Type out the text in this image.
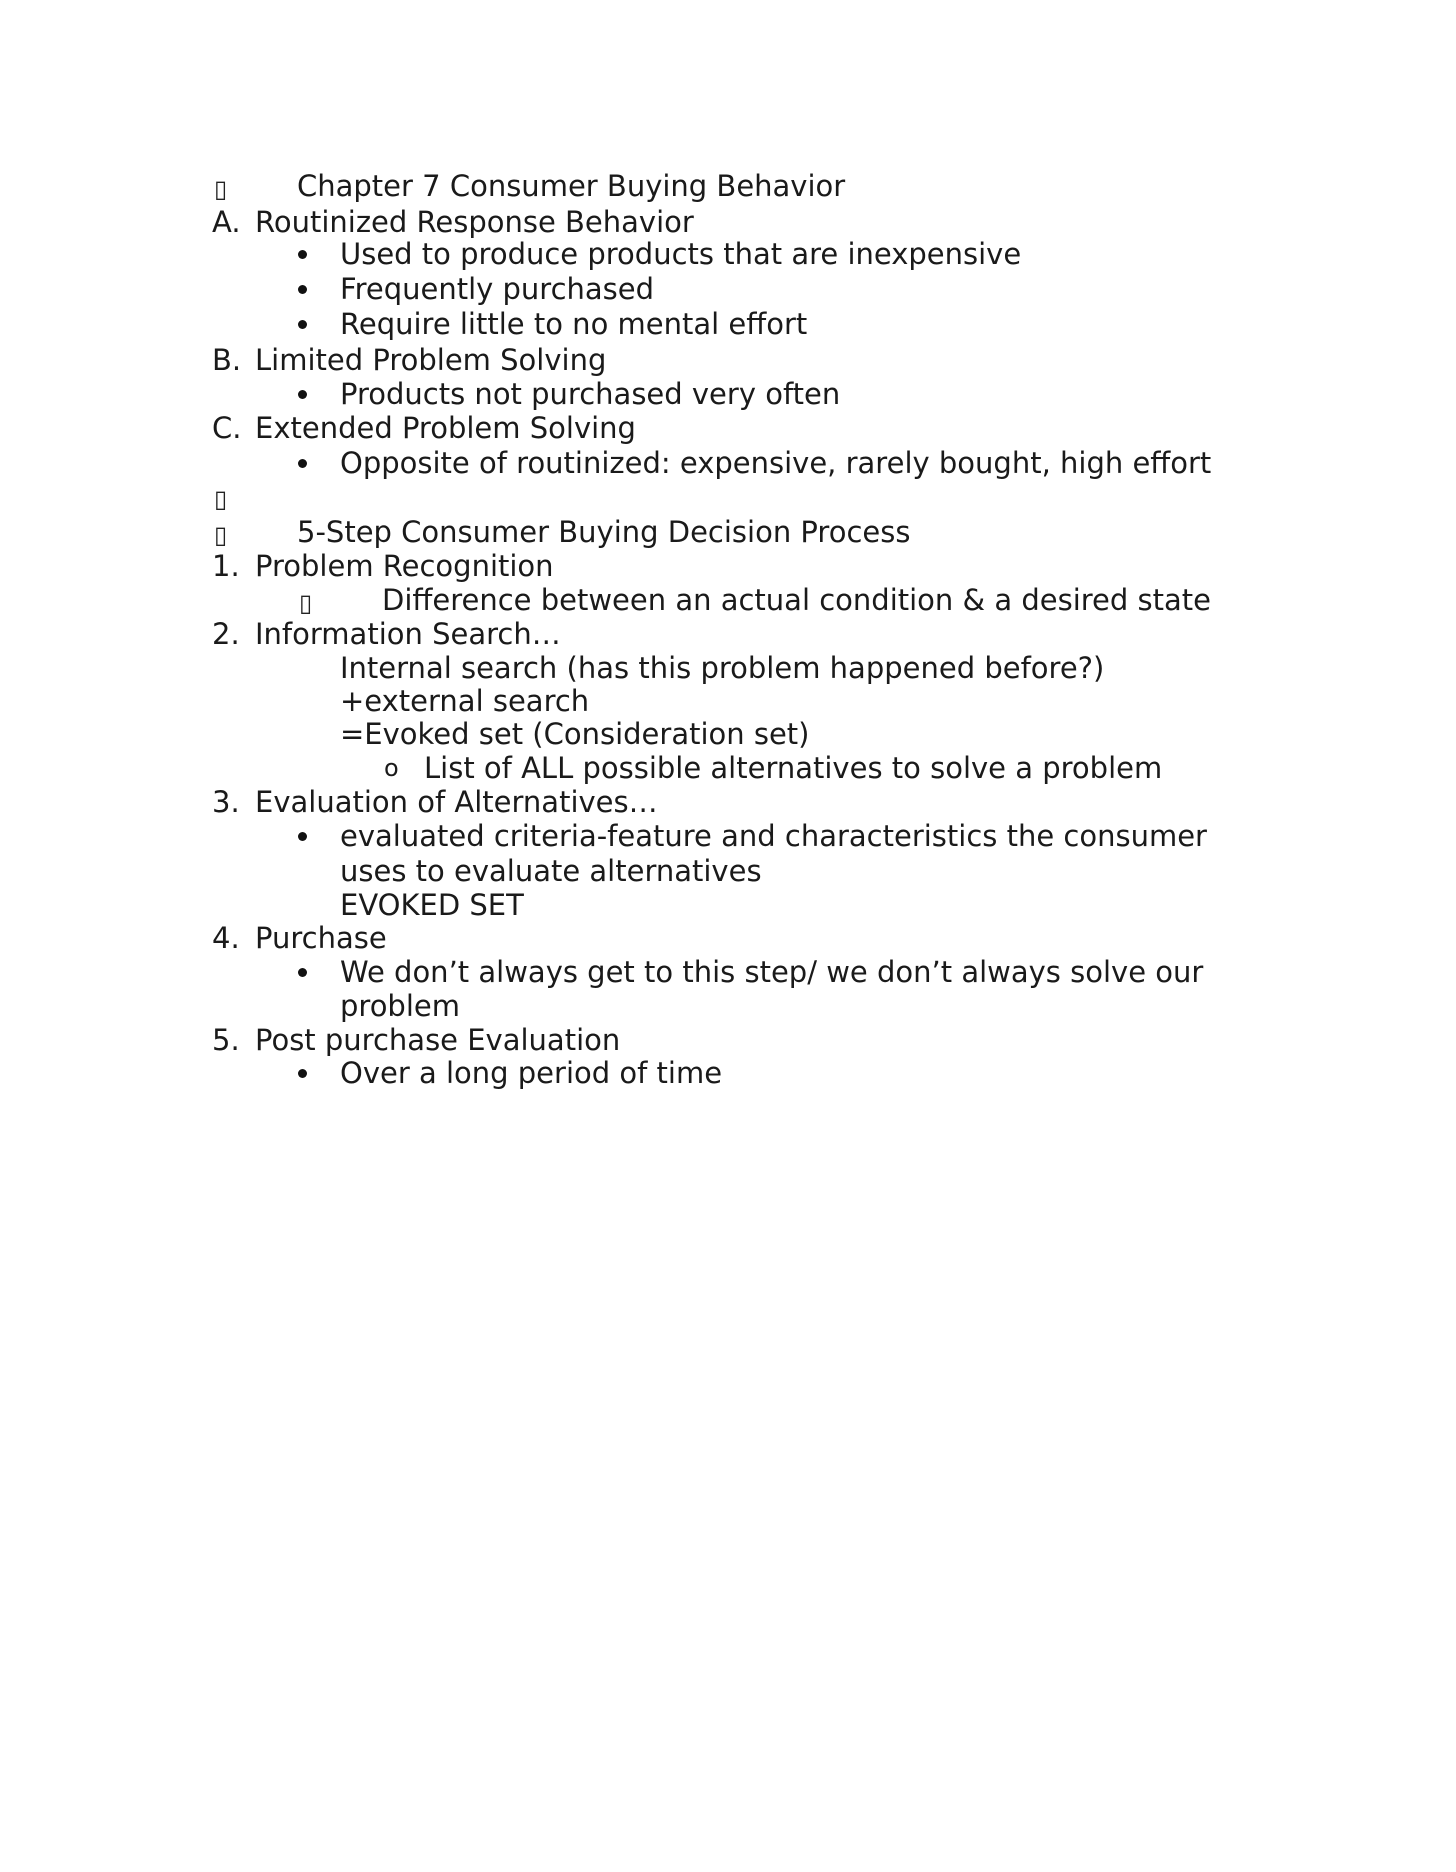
▯ Chapter 7 Consumer Buying Behavior
A. Routinized Response Behavior
Used to produce products that are inexpensive
Frequently purchased
Require little to no mental effort
B. Limited Problem Solving
Products not purchased very often
C. Extended Problem Solving
Opposite of routinized: expensive, rarely bought, high effort
▯
▯ 5-Step Consumer Buying Decision Process
1. Problem Recognition
▯ Difference between an actual condition & a desired state
2. Information Search…
Internal search (has this problem happened before?)
+external search
=Evoked set (Consideration set)
o List of ALL possible alternatives to solve a problem
3. Evaluation of Alternatives…
evaluated criteria-feature and characteristics the consumer
uses to evaluate alternatives
EVOKED SET
4. Purchase
We don’t always get to this step/ we don’t always solve our
problem
5. Post purchase Evaluation
Over a long period of time
